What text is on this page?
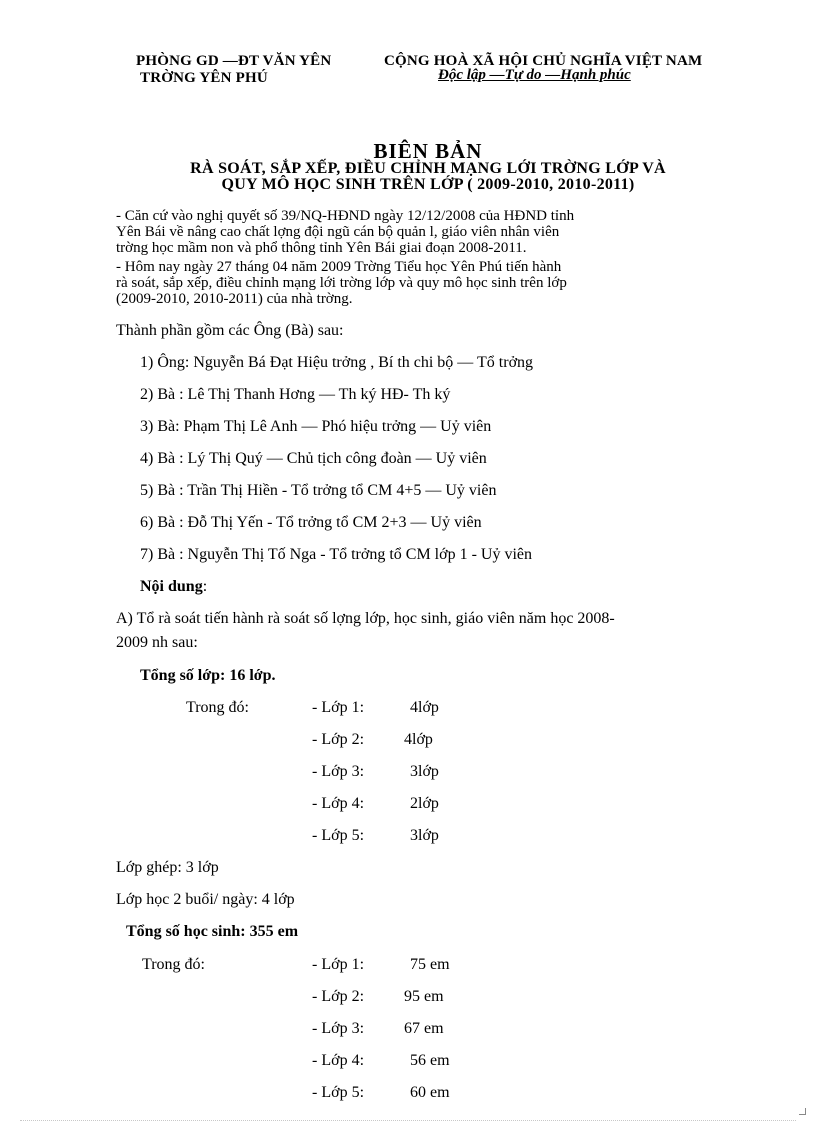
PHÒNG GD —ĐT VĂN YÊN
TRỜNG YÊN PHÚ
CỘNG HOÀ XÃ HỘI CHỦ NGHĨA VIỆT NAM
Độc lập —Tự do —Hạnh phúc
BIÊN BẢN
RÀ SOÁT, SẮP XẾP, ĐIỀU CHỈNH MẠNG LỚI TRỜNG LỚP VÀ
QUY MÔ HỌC SINH TRÊN LỚP ( 2009-2010, 2010-2011)
- Căn cứ vào nghị quyết số 39/NQ-HĐND ngày 12/12/2008 của HĐND tỉnh
Yên Bái về nâng cao chất lợng đội ngũ cán bộ quản l, giáo viên nhân viên
trờng học mầm non và phổ thông tỉnh Yên Bái giai đoạn 2008-2011.
- Hôm nay ngày 27 tháng 04 năm 2009 Trờng Tiểu học Yên Phú tiến hành
rà soát, sắp xếp, điều chỉnh mạng lới trờng lớp và quy mô học sinh trên lớp
(2009-2010, 2010-2011) của nhà trờng.
Thành phần gồm các Ông (Bà) sau:
1) Ông: Nguyễn Bá Đạt Hiệu trởng , Bí th chi bộ — Tổ trởng
2) Bà : Lê Thị Thanh Hơng — Th ký HĐ- Th ký
3) Bà: Phạm Thị Lê Anh — Phó hiệu trởng — Uỷ viên
4) Bà : Lý Thị Quý — Chủ tịch công đoàn — Uỷ viên
5) Bà : Trần Thị Hiền - Tổ trởng tổ CM 4+5 — Uỷ viên
6) Bà : Đỗ Thị Yến - Tổ trởng tổ CM 2+3 — Uỷ viên
7) Bà : Nguyễn Thị Tố Nga - Tổ trởng tổ CM lớp 1 - Uỷ viên
Nội dung:
A) Tổ rà soát tiến hành rà soát số lợng lớp, học sinh, giáo viên năm học 2008-
2009 nh sau:
Tổng số lớp: 16 lớp.
Trong đó:	- Lớp 1:	4lớp
- Lớp 2: 4lớp
- Lớp 3:	3lớp
- Lớp 4:	2lớp
- Lớp 5:	3lớp
Lớp ghép: 3 lớp
Lớp học 2 buổi/ ngày: 4 lớp
Tổng số học sinh: 355 em
Trong đó:	- Lớp 1:	75 em
- Lớp 2: 95 em
- Lớp 3: 67 em
- Lớp 4:	56 em
- Lớp 5:	60 em
